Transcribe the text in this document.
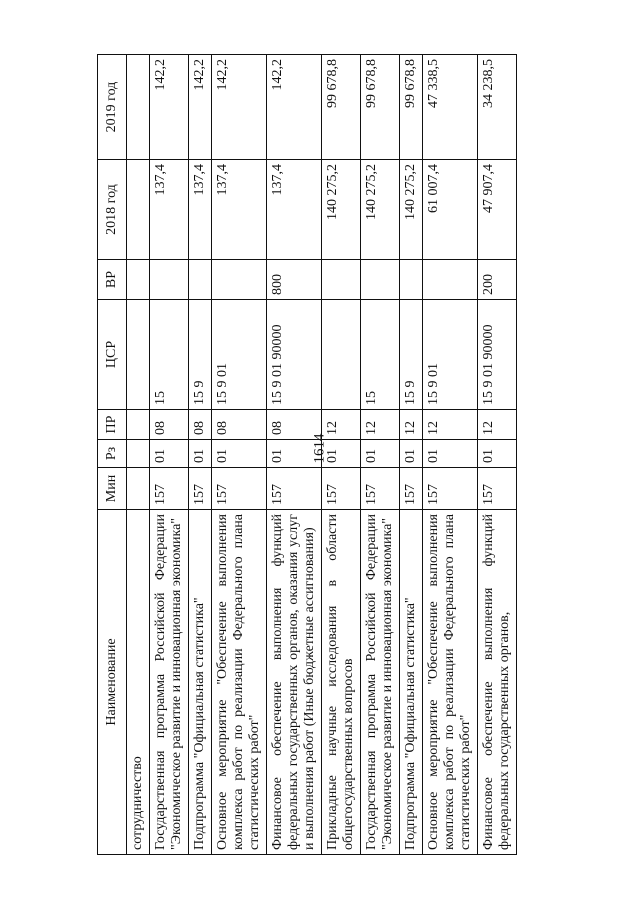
1614
Наименование	Мин	Рз	ПР	ЦСР	ВР	2018 год	2019 год
сотрудничество							
Государственная программа Российской Федерации "Экономическое развитие и инновационная экономика"	157	01	08	15		137,4	142,2
Подпрограмма "Официальная статистика"	157	01	08	15 9		137,4	142,2
Основное мероприятие "Обеспечение выполнения комплекса работ по реализации Федерального плана статистических работ"	157	01	08	15 9 01		137,4	142,2
Финансовое обеспечение выполнения функций федеральных государственных органов, оказания услуг и выполнения работ (Иные бюджетные ассигнования)	157	01	08	15 9 01 90000	800	137,4	142,2
Прикладные научные исследования в области общегосударственных вопросов	157	01	12			140 275,2	99 678,8
Государственная программа Российской Федерации "Экономическое развитие и инновационная экономика"	157	01	12	15		140 275,2	99 678,8
Подпрограмма "Официальная статистика"	157	01	12	15 9		140 275,2	99 678,8
Основное мероприятие "Обеспечение выполнения комплекса работ по реализации Федерального плана статистических работ"	157	01	12	15 9 01		61 007,4	47 338,5
Финансовое обеспечение выполнения функций федеральных государственных органов,	157	01	12	15 9 01 90000	200	47 907,4	34 238,5
